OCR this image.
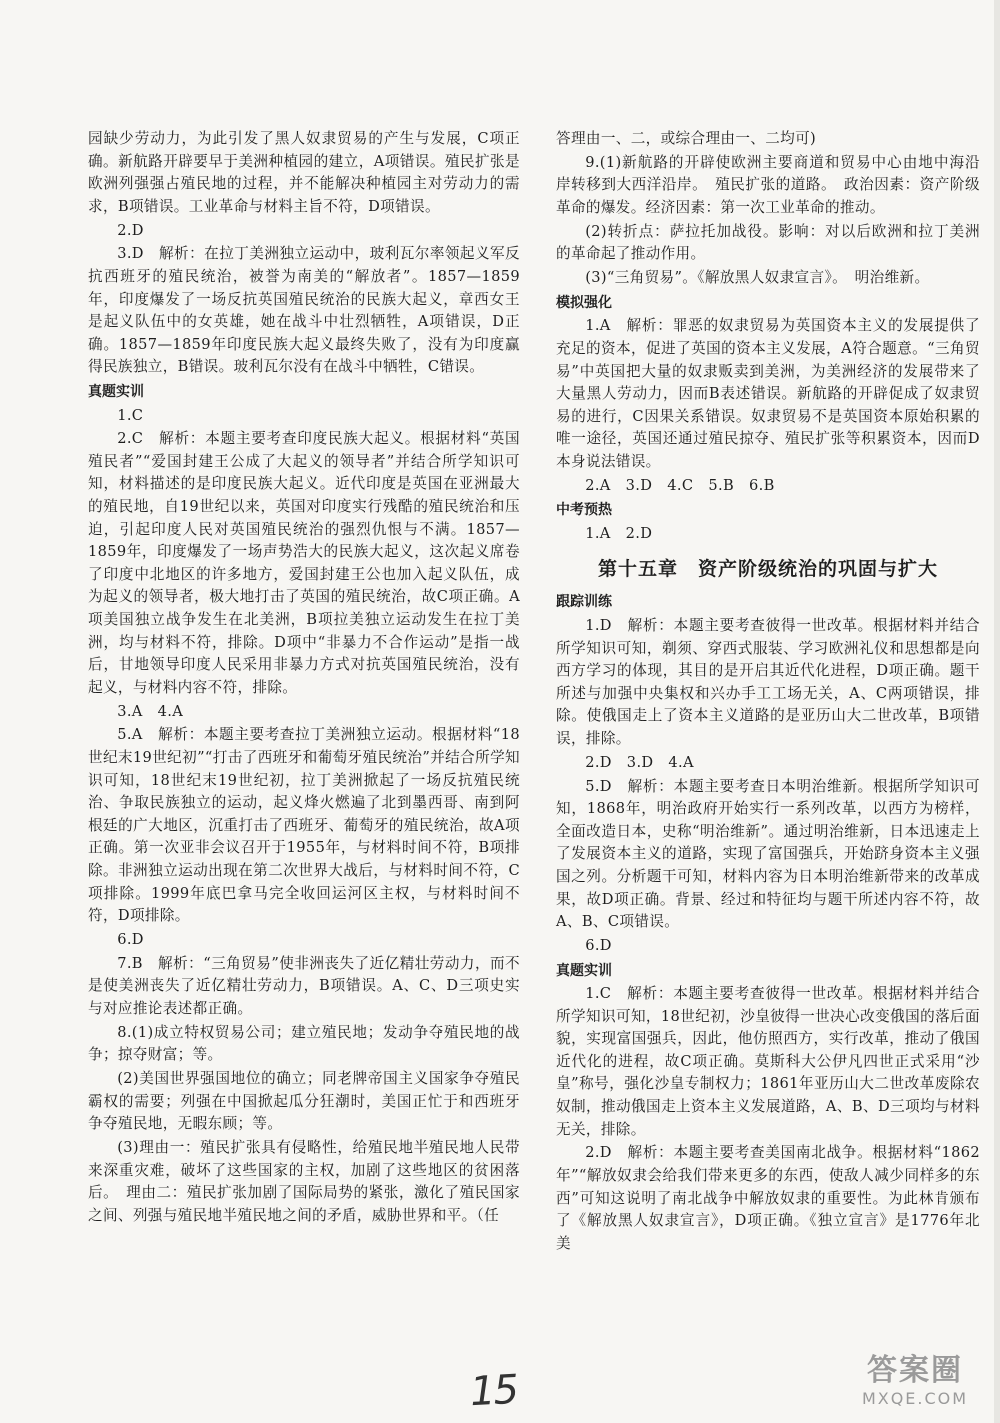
园缺少劳动力，为此引发了黑人奴隶贸易的产生与发展，C项正确。新航路开辟要早于美洲种植园的建立，A项错误。殖民扩张是欧洲列强强占殖民地的过程，并不能解决种植园主对劳动力的需求，B项错误。工业革命与材料主旨不符，D项错误。
2.D
3.D　解析：在拉丁美洲独立运动中，玻利瓦尔率领起义军反抗西班牙的殖民统治，被誉为南美的“解放者”。1857—1859年，印度爆发了一场反抗英国殖民统治的民族大起义，章西女王是起义队伍中的女英雄，她在战斗中壮烈牺牲，A项错误，D正确。1857—1859年印度民族大起义最终失败了，没有为印度赢得民族独立，B错误。玻利瓦尔没有在战斗中牺牲，C错误。
真题实训
1.C
2.C　解析：本题主要考查印度民族大起义。根据材料“英国殖民者”“爱国封建王公成了大起义的领导者”并结合所学知识可知，材料描述的是印度民族大起义。近代印度是英国在亚洲最大的殖民地，自19世纪以来，英国对印度实行残酷的殖民统治和压迫，引起印度人民对英国殖民统治的强烈仇恨与不满。1857—1859年，印度爆发了一场声势浩大的民族大起义，这次起义席卷了印度中北地区的许多地方，爱国封建王公也加入起义队伍，成为起义的领导者，极大地打击了英国的殖民统治，故C项正确。A项美国独立战争发生在北美洲，B项拉美独立运动发生在拉丁美洲，均与材料不符，排除。D项中“非暴力不合作运动”是指一战后，甘地领导印度人民采用非暴力方式对抗英国殖民统治，没有起义，与材料内容不符，排除。
3.A　4.A
5.A　解析：本题主要考查拉丁美洲独立运动。根据材料“18世纪末19世纪初”“打击了西班牙和葡萄牙殖民统治”并结合所学知识可知，18世纪末19世纪初，拉丁美洲掀起了一场反抗殖民统治、争取民族独立的运动，起义烽火燃遍了北到墨西哥、南到阿根廷的广大地区，沉重打击了西班牙、葡萄牙的殖民统治，故A项正确。第一次亚非会议召开于1955年，与材料时间不符，B项排除。非洲独立运动出现在第二次世界大战后，与材料时间不符，C项排除。1999年底巴拿马完全收回运河区主权，与材料时间不符，D项排除。
6.D
7.B　解析：“三角贸易”使非洲丧失了近亿精壮劳动力，而不是使美洲丧失了近亿精壮劳动力，B项错误。A、C、D三项史实与对应推论表述都正确。
8.(1)成立特权贸易公司；建立殖民地；发动争夺殖民地的战争；掠夺财富；等。
(2)美国世界强国地位的确立；同老牌帝国主义国家争夺殖民霸权的需要；列强在中国掀起瓜分狂潮时，美国正忙于和西班牙争夺殖民地，无暇东顾；等。
(3)理由一：殖民扩张具有侵略性，给殖民地半殖民地人民带来深重灾难，破坏了这些国家的主权，加剧了这些地区的贫困落后。　理由二：殖民扩张加剧了国际局势的紧张，激化了殖民国家之间、列强与殖民地半殖民地之间的矛盾，威胁世界和平。（任
答理由一、二，或综合理由一、二均可)
9.(1)新航路的开辟使欧洲主要商道和贸易中心由地中海沿岸转移到大西洋沿岸。　殖民扩张的道路。　政治因素：资产阶级革命的爆发。经济因素：第一次工业革命的推动。
(2)转折点：萨拉托加战役。影响：对以后欧洲和拉丁美洲的革命起了推动作用。
(3)“三角贸易”。《解放黑人奴隶宣言》。　明治维新。
模拟强化
1.A　解析：罪恶的奴隶贸易为英国资本主义的发展提供了充足的资本，促进了英国的资本主义发展，A符合题意。“三角贸易”中英国把大量的奴隶贩卖到美洲，为美洲经济的发展带来了大量黑人劳动力，因而B表述错误。新航路的开辟促成了奴隶贸易的进行，C因果关系错误。奴隶贸易不是英国资本原始积累的唯一途径，英国还通过殖民掠夺、殖民扩张等积累资本，因而D本身说法错误。
2.A　3.D　4.C　5.B　6.B
中考预热
1.A　2.D
第十五章　资产阶级统治的巩固与扩大
跟踪训练
1.D　解析：本题主要考查彼得一世改革。根据材料并结合所学知识可知，剃须、穿西式服装、学习欧洲礼仪和思想都是向西方学习的体现，其目的是开启其近代化进程，D项正确。题干所述与加强中央集权和兴办手工工场无关，A、C两项错误，排除。使俄国走上了资本主义道路的是亚历山大二世改革，B项错误，排除。
2.D　3.D　4.A
5.D　解析：本题主要考查日本明治维新。根据所学知识可知，1868年，明治政府开始实行一系列改革，以西方为榜样，全面改造日本，史称“明治维新”。通过明治维新，日本迅速走上了发展资本主义的道路，实现了富国强兵，开始跻身资本主义强国之列。分析题干可知，材料内容为日本明治维新带来的改革成果，故D项正确。背景、经过和特征均与题干所述内容不符，故A、B、C项错误。
6.D
真题实训
1.C　解析：本题主要考查彼得一世改革。根据材料并结合所学知识可知，18世纪初，沙皇彼得一世决心改变俄国的落后面貌，实现富国强兵，因此，他仿照西方，实行改革，推动了俄国近代化的进程，故C项正确。莫斯科大公伊凡四世正式采用“沙皇”称号，强化沙皇专制权力；1861年亚历山大二世改革废除农奴制，推动俄国走上资本主义发展道路，A、B、D三项均与材料无关，排除。
2.D　解析：本题主要考查美国南北战争。根据材料“1862年”“解放奴隶会给我们带来更多的东西，使敌人减少同样多的东西”可知这说明了南北战争中解放奴隶的重要性。为此林肯颁布了《解放黑人奴隶宣言》，D项正确。《独立宣言》是1776年北美
15	答案圈
MXQE.COM
